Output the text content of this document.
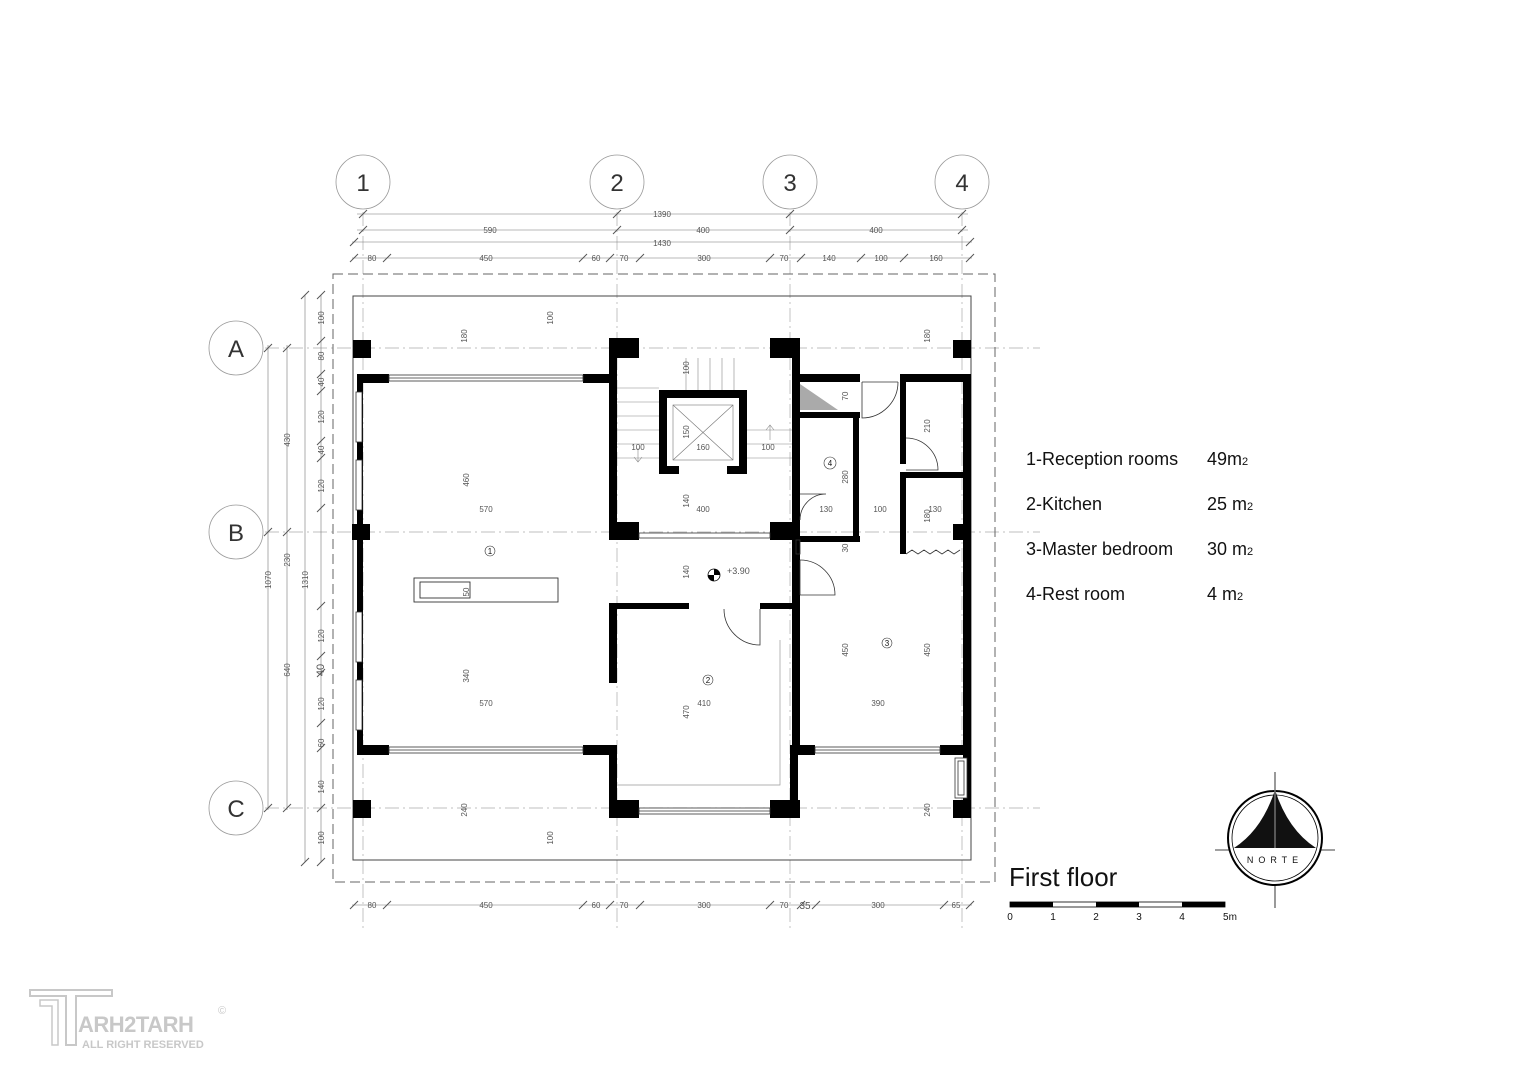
1	2	3	4
A
B
C
1390
590	400	400
1430
80	450	60 70	300	70	140	100	160
80	450	60 70	300	70 35	300	65
1070
430
230
640
1310
100
80
40
120
40
120
120
40
120
60
140
100
180
100
100
100
150
160	100
140
400
460
570
140
50
340
570
470
410
450	450
390
70
210
130
280
130
100	180
30
240
100
240
180
+3.90
1
2
3
4	1-Reception rooms 49m2
2-Kitchen	25 m2
3-Master bedroom 30 m2
4-Rest room	4 m2
First floor
0	1	2	3	4	5m
NORTE
ARH2TARH
ALL RIGHT RESERVED
©
